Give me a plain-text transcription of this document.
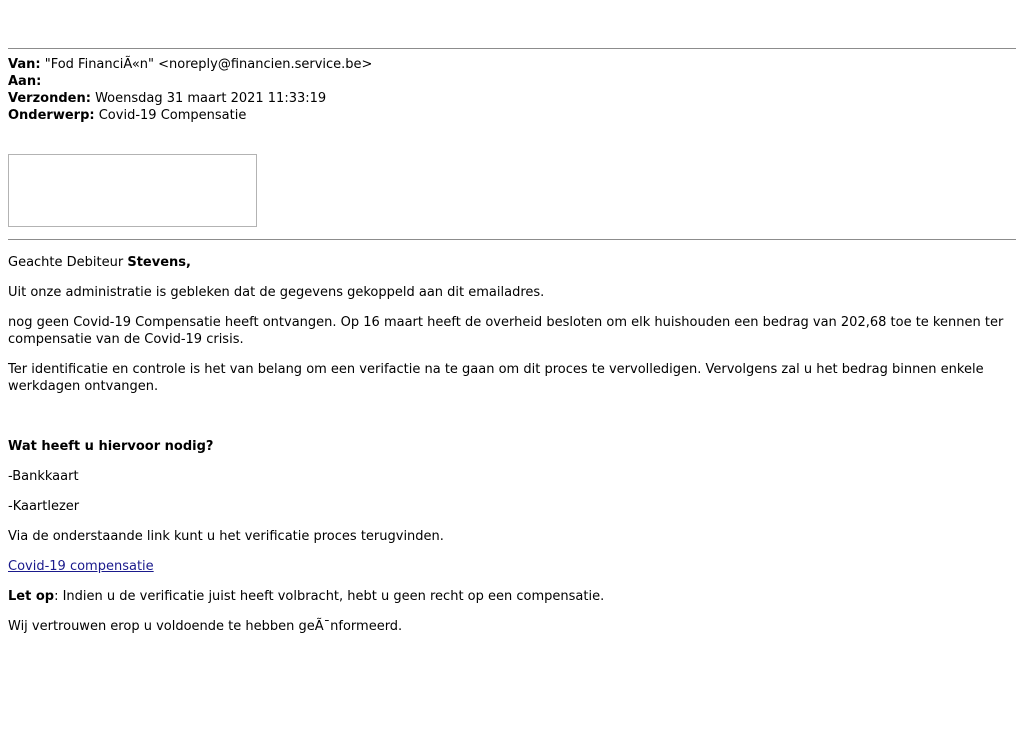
Van: "Fod FinanciÃ«n" <noreply@financien.service.be>
Aan:
Verzonden: Woensdag 31 maart 2021 11:33:19
Onderwerp: Covid-19 Compensatie

Geachte Debiteur Stevens,

Uit onze administratie is gebleken dat de gegevens gekoppeld aan dit emailadres.

nog geen Covid-19 Compensatie heeft ontvangen. Op 16 maart heeft de overheid besloten om elk huishouden een bedrag van 202,68 toe te kennen ter compensatie van de Covid-19 crisis.

Ter identificatie en controle is het van belang om een verifactie na te gaan om dit proces te vervolledigen. Vervolgens zal u het bedrag binnen enkele werkdagen ontvangen.

Wat heeft u hiervoor nodig?

-Bankkaart

-Kaartlezer

Via de onderstaande link kunt u het verificatie proces terugvinden.

Covid-19 compensatie

Let op: Indien u de verificatie juist heeft volbracht, hebt u geen recht op een compensatie.

Wij vertrouwen erop u voldoende te hebben geÃ¯nformeerd.
